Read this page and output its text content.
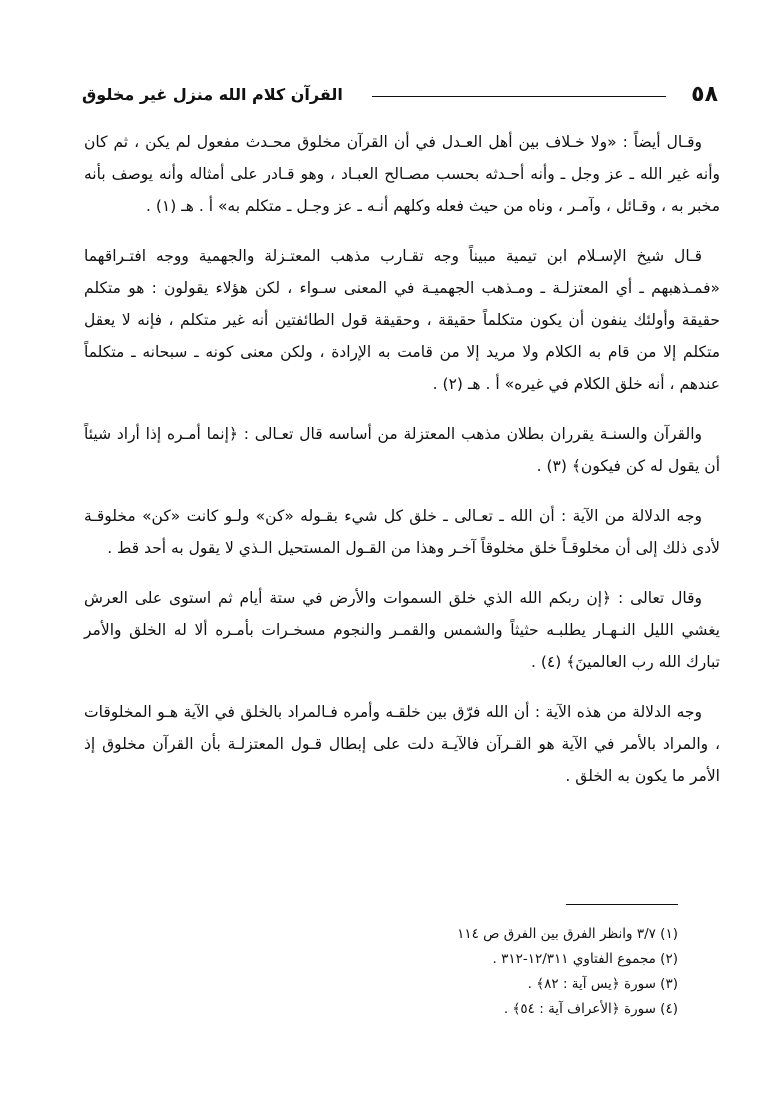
٥٨
القرآن كلام الله منزل غير مخلوق

وقـال أيضاً : «ولا خـلاف بين أهل العـدل في أن القرآن مخلوق محـدث مفعول لم يكن ، ثم كان وأنه غير الله ـ عز وجل ـ وأنه أحـدثه بحسب مصـالح العبـاد ، وهو قـادر على أمثاله وأنه يوصف بأنه مخبر به ، وقـائل ، وآمـر ، وناه من حيث فعله وكلهم أنـه ـ عز وجـل ـ متكلم به» أ . هـ (١) .

قـال شيخ الإسـلام ابن تيمية مبيناً وجه تقـارب مذهب المعتـزلة والجهمية ووجه افتـراقهما «فمـذهبهم ـ أي المعتزلـة ـ ومـذهب الجهميـة في المعنى سـواء ، لكن هؤلاء يقولون : هو متكلم حقيقة وأولئك ينفون أن يكون متكلماً حقيقة ، وحقيقة قول الطائفتين أنه غير متكلم ، فإنه لا يعقل متكلم إلا من قام به الكلام ولا مريد إلا من قامت به الإرادة ، ولكن معنى كونه ـ سبحانه ـ متكلماً عندهم ، أنه خلق الكلام في غيره» أ . هـ (٢) .

والقرآن والسنـة يقرران بطلان مذهب المعتزلة من أساسه قال تعـالى : ﴿إنما أمـره إذا أراد شيئاً أن يقول له كن فيكون﴾ (٣) .

وجه الدلالة من الآية : أن الله ـ تعـالى ـ خلق كل شيء بقـوله «كن» ولـو كانت «كن» مخلوقـة لأدى ذلك إلى أن مخلوقـاً خلق مخلوقاً آخـر وهذا من القـول المستحيل الـذي لا يقول به أحد قط .

وقال تعالى : ﴿إن ربكم الله الذي خلق السموات والأرض في ستة أيام ثم استوى على العرش يغشي الليل النـهـار يطلبـه حثيثاً والشمس والقمـر والنجوم مسخـرات بأمـره ألا له الخلق والأمر تبارك الله رب العالمينَ﴾ (٤) .

وجه الدلالة من هذه الآية : أن الله فرّق بين خلقـه وأمره فـالمراد بالخلق في الآية هـو المخلوقات ، والمراد بالأمر في الآية هو القـرآن فالآيـة دلت على إبطال قـول المعتزلـة بأن القرآن مخلوق إذ الأمر ما يكون به الخلق .

(١) ٣/٧ وانظر الفرق بين الفرق ص ١١٤
(٢) مجموع الفتاوي ١٢/٣١١-٣١٢ .
(٣) سورة ﴿يس آية : ٨٢﴾ .
(٤) سورة ﴿الأعراف آية : ٥٤﴾ .
